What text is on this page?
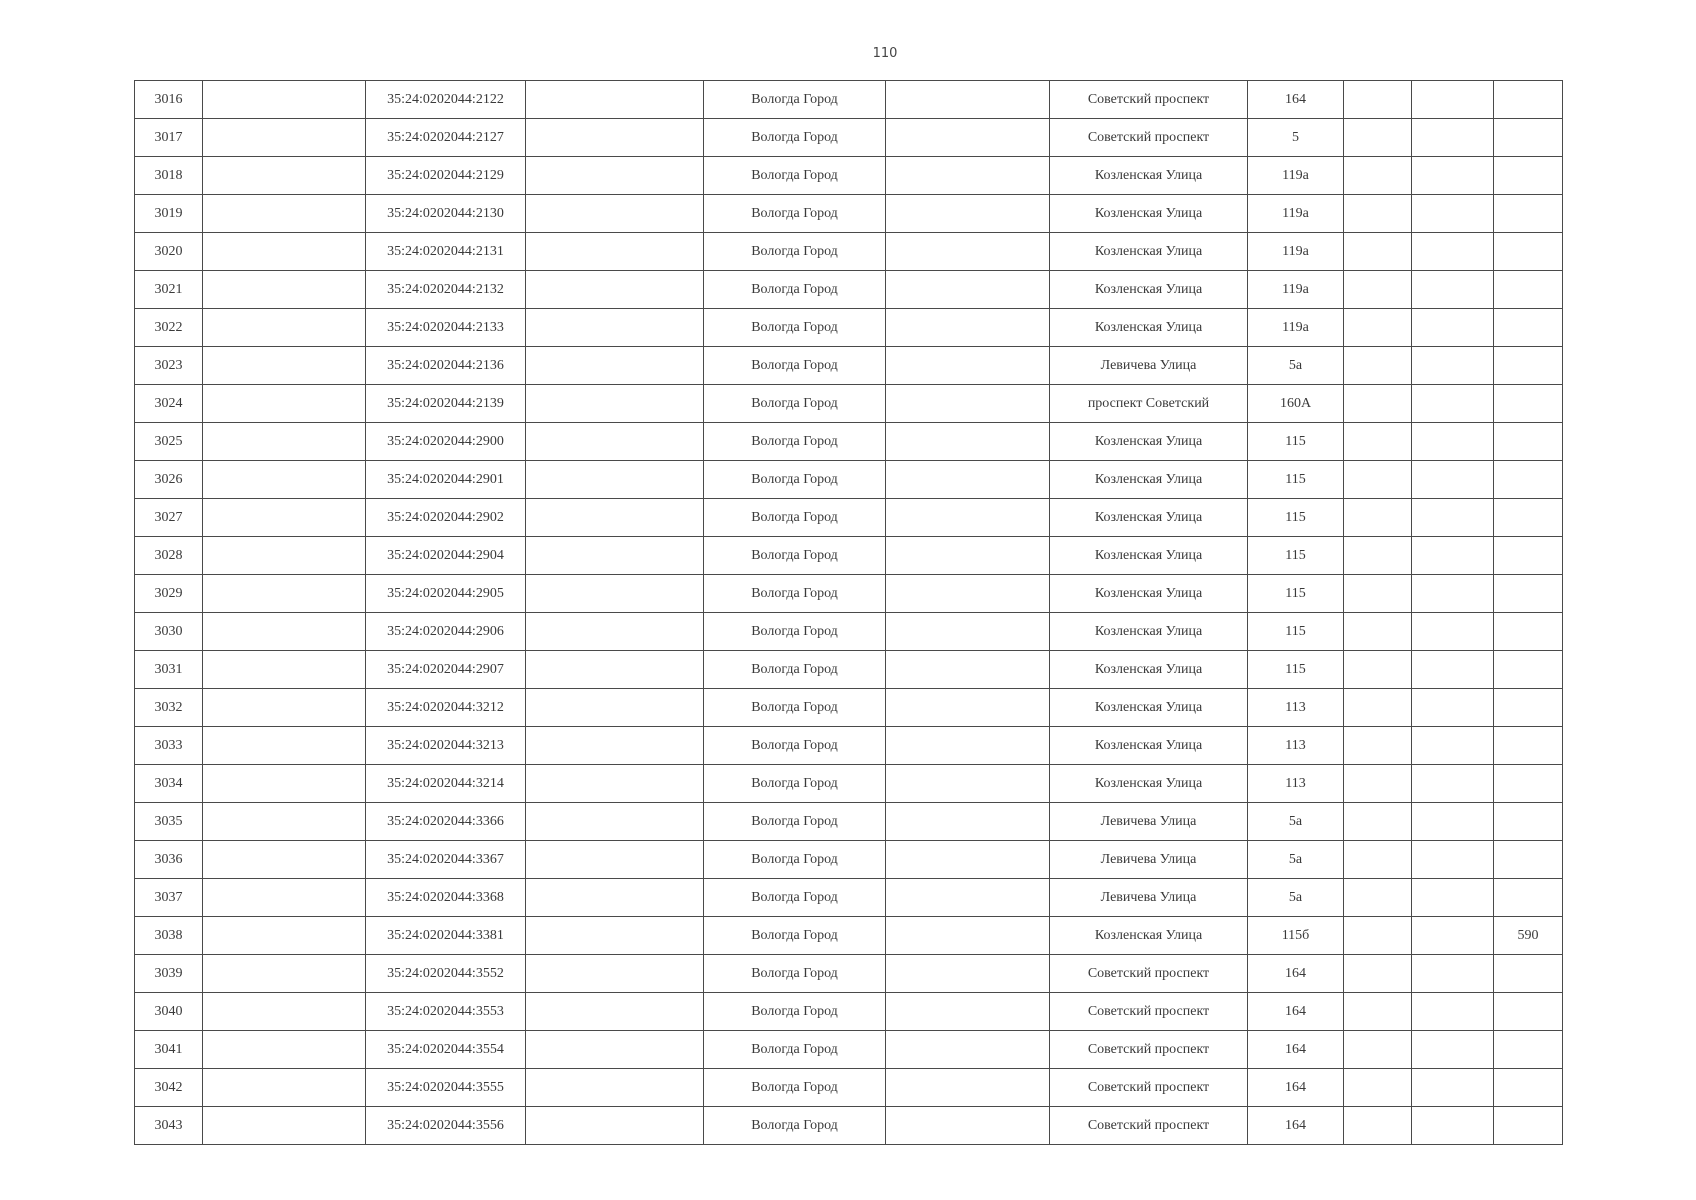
110
3016		35:24:0202044:2122		Вологда Город		Советский проспект	164			
3017		35:24:0202044:2127		Вологда Город		Советский проспект	5			
3018		35:24:0202044:2129		Вологда Город		Козленская Улица	119а			
3019		35:24:0202044:2130		Вологда Город		Козленская Улица	119а			
3020		35:24:0202044:2131		Вологда Город		Козленская Улица	119а			
3021		35:24:0202044:2132		Вологда Город		Козленская Улица	119а			
3022		35:24:0202044:2133		Вологда Город		Козленская Улица	119а			
3023		35:24:0202044:2136		Вологда Город		Левичева Улица	5а			
3024		35:24:0202044:2139		Вологда Город		проспект Советский	160А			
3025		35:24:0202044:2900		Вологда Город		Козленская Улица	115			
3026		35:24:0202044:2901		Вологда Город		Козленская Улица	115			
3027		35:24:0202044:2902		Вологда Город		Козленская Улица	115			
3028		35:24:0202044:2904		Вологда Город		Козленская Улица	115			
3029		35:24:0202044:2905		Вологда Город		Козленская Улица	115			
3030		35:24:0202044:2906		Вологда Город		Козленская Улица	115			
3031		35:24:0202044:2907		Вологда Город		Козленская Улица	115			
3032		35:24:0202044:3212		Вологда Город		Козленская Улица	113			
3033		35:24:0202044:3213		Вологда Город		Козленская Улица	113			
3034		35:24:0202044:3214		Вологда Город		Козленская Улица	113			
3035		35:24:0202044:3366		Вологда Город		Левичева Улица	5а			
3036		35:24:0202044:3367		Вологда Город		Левичева Улица	5а			
3037		35:24:0202044:3368		Вологда Город		Левичева Улица	5а			
3038		35:24:0202044:3381		Вологда Город		Козленская Улица	115б			590
3039		35:24:0202044:3552		Вологда Город		Советский проспект	164			
3040		35:24:0202044:3553		Вологда Город		Советский проспект	164			
3041		35:24:0202044:3554		Вологда Город		Советский проспект	164			
3042		35:24:0202044:3555		Вологда Город		Советский проспект	164			
3043		35:24:0202044:3556		Вологда Город		Советский проспект	164			
